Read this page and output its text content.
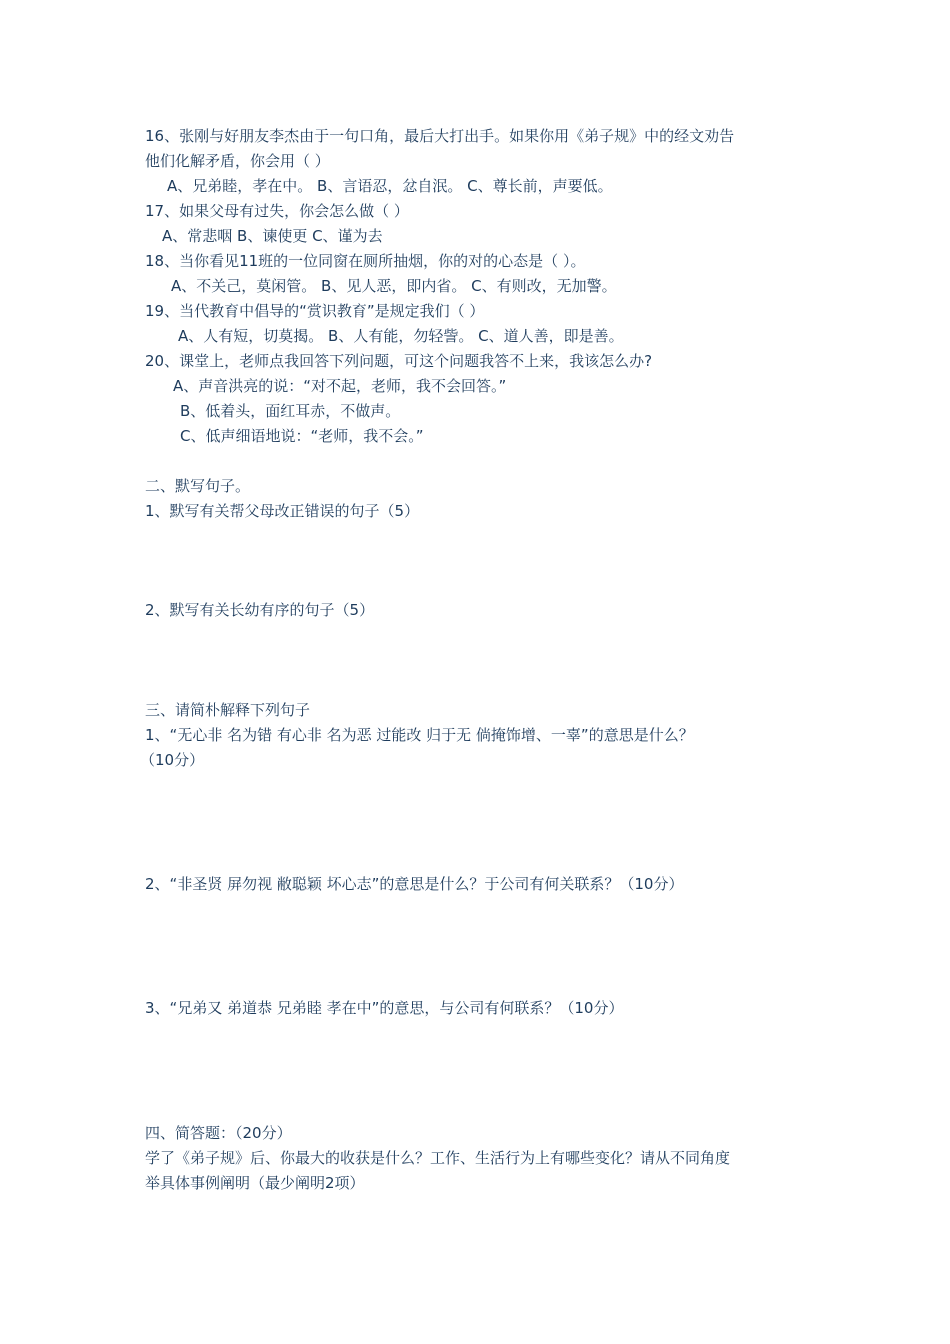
16、张刚与好朋友李杰由于一句口角，最后大打出手。如果你用《弟子规》中的经文劝告
他们化解矛盾，你会用（ ）
A、兄弟睦，孝在中。 B、言语忍，忿自泯。 C、尊长前，声要低。
17、如果父母有过失，你会怎么做（ ）
A、常悲咽 B、谏使更 C、谨为去
18、当你看见11班的一位同窗在厕所抽烟，你的对的心态是（ ）。
A、不关己，莫闲管。 B、见人恶，即内省。 C、有则改，无加警。
19、当代教育中倡导的“赏识教育”是规定我们（ ）
A、人有短，切莫揭。 B、人有能，勿轻訾。 C、道人善，即是善。
20、课堂上，老师点我回答下列问题，可这个问题我答不上来，我该怎么办?
A、声音洪亮的说：“对不起，老师，我不会回答。”
B、低着头，面红耳赤，不做声。
C、低声细语地说：“老师，我不会。”
二、默写句子。
1、默写有关帮父母改正错误的句子（5）
2、默写有关长幼有序的句子（5）
三、请简朴解释下列句子
1、“无心非 名为错 有心非 名为恶 过能改 归于无 倘掩饰增、一辜”的意思是什么？
（10分）
2、“非圣贤 屏勿视 敝聪颖 坏心志”的意思是什么？于公司有何关联系？（10分）
3、“兄弟又 弟道恭 兄弟睦 孝在中”的意思，与公司有何联系？（10分）
四、简答题：（20分）
学了《弟子规》后、你最大的收获是什么？工作、生活行为上有哪些变化？请从不同角度
举具体事例阐明（最少阐明2项）
